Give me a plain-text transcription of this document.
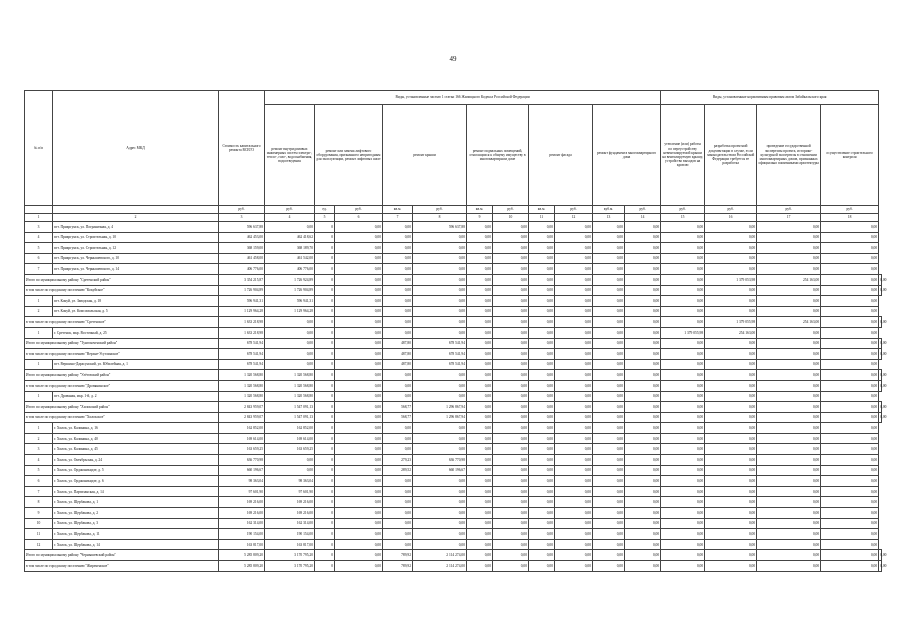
49
№ п/п	Адрес МКД	Стоимость капитального ремонта ВСЕГО	Виды, установленные частью 1 статьи 166 Жилищного Кодекса Российской Федерации											Виды, установленные нормативным правовым актом Забайкальского края				
			ремонт внутридомовых инженерных систем электро-, тепло-, газо-, водоснабжения, водоотведения	ремонт или замена лифтового оборудования, признанного непригодным для эксплуатации, ремонт лифтовых шахт		ремонт крыши		ремонт подвальных помещений, относящихся к общему имуществу в многоквартирном доме		ремонт фасада		ремонт фундамента многоквартирного дома		утепление (или) работы по переустройству невентилируемой крыши на вентилируемую крышу, устройство выходов на кровлю	разработка проектной документации в случае, если законодательством Российской Федерации требуется ее разработка	проведение государственной экспертизы проекта, историко-культурной экспертизы в отношении многоквартирных домов, признанных официально памятниками архитектуры	осуществление строительного контроля	
		руб.	руб.	ед.	руб.	кв.м.	руб.	кв.м.	руб.	кв.м.	руб.	куб.м.	руб.	руб.	руб.	руб.	руб.	
1	2	3	4	5	6	7	8	9	10	11	12	13	14	15	16	17	18	
3	пгт. Приаргунск, ул. Пограничная, д. 4	596 637,88	0,00	0	0,00	0,00	596 637,88	0,00	0,00	0,00	0,00	0,00	0,00	0,00	0,00	0,00	0,00	
4	пгт. Приаргунск, ул. Строительная, д. 10	462 453,00	462 418,62	0	0,00	0,00	0,00	0,00	0,00	0,00	0,00	0,00	0,00	0,00	0,00	0,00	0,00	
5	пгт. Приаргунск, ул. Строительная, д. 12	368 159,00	368 189,70	0	0,00	0,00	0,00	0,00	0,00	0,00	0,00	0,00	0,00	0,00	0,00	0,00	0,00	
6	пгт. Приаргунск, ул. Чернышевского, д. 10	461 458,00	461 542,00	0	0,00	0,00	0,00	0,00	0,00	0,00	0,00	0,00	0,00	0,00	0,00	0,00	0,00	
7	пгт. Приаргунск, ул. Чернышевского, д. 14	406 776,00	406 776,00	0	0,00	0,00	0,00	0,00	0,00	0,00	0,00	0,00	0,00	0,00	0,00	0,00	0,00	
Итого по муниципальному району "Сретенский район"		3 354 215,87	1 726 924,89	0	0,00	0,00	0,00	0,00	0,00	0,00	0,00	0,00	0,00	0,00	1 379 053,98	254 163,00	0,00	0,00
в том числе по городскому поселению "Кокуйское"		1 726 904,89	1 726 904,89	0	0,00	0,00	0,00	0,00	0,00	0,00	0,00	0,00	0,00	0,00	0,00	0,00	0,00	0,00
1	пгт. Кокуй, ул. Заводская, д. 18	596 941,31	596 941,31	0	0,00	0,00	0,00	0,00	0,00	0,00	0,00	0,00	0,00	0,00	0,00	0,00	0,00	
2	пгт. Кокуй, ул. Комсомольская, д. 5	1 129 964,28	1 129 964,28	0	0,00	0,00	0,00	0,00	0,00	0,00	0,00	0,00	0,00	0,00	0,00	0,00	0,00	
в том числе по городскому поселению "Сретенское"		1 633 218,98	0,00	0	0,00	0,00	0,00	0,00	0,00	0,00	0,00	0,00	0,00	0,00	1 379 055,98	254 163,00	0,00	0,00
1	г. Сретенск, мкр. Восточный, д. 25	1 633 218,98	0,00	0	0,00	0,00	0,00	0,00	0,00	0,00	0,00	0,00	0,00	1 379 055,98	254 163,00	0,00	0,00	
Итого по муниципальному району "Тунгокоченский район"		678 541,94	0,00	0	0,00	487,80	678 541,94	0,00	0,00	0,00	0,00	0,00	0,00	0,00	0,00	0,00	0,00	0,00
в том числе по городскому поселению "Верхне-Усуглинское"		678 541,94	0,00	0	0,00	487,80	678 541,94	0,00	0,00	0,00	0,00	0,00	0,00	0,00	0,00	0,00	0,00	0,00
1	пгт. Вершино-Дарасунский, ул. Юбилейная, д. 1	678 541,94	0,00	0	0,00	487,80	678 541,94	0,00	0,00	0,00	0,00	0,00	0,00	0,00	0,00	0,00	0,00	
Итого по муниципальному району "Улётовский район"		1 320 568,80	1 320 568,80	0	0,00	0,00	0,00	0,00	0,00	0,00	0,00	0,00	0,00	0,00	0,00	0,00	0,00	0,00
в том числе по городскому поселению "Дровянинское"		1 320 568,80	1 320 568,80	0	0,00	0,00	0,00	0,00	0,00	0,00	0,00	0,00	0,00	0,00	0,00	0,00	0,00	0,00
1	пгт. Дровяная, мкр. 1-й, д. 2	1 320 568,80	1 320 568,80	0	0,00	0,00	0,00	0,00	0,00	0,00	0,00	0,00	0,00	0,00	0,00	0,00	0,00	
Итого по муниципальному району "Хилокский район"		2 843 959,07	1 547 091,13	0	0,00	568,77	1 296 867,94	0,00	0,00	0,00	0,00	0,00	0,00	0,00	0,00	0,00	0,00	0,00
в том числе по городскому поселению "Хилокское"		2 843 959,07	1 547 091,13	0	0,00	568,77	1 296 867,94	0,00	0,00	0,00	0,00	0,00	0,00	0,00	0,00	0,00	0,00	0,00
1	г. Хилок, ул. Калинина, д. 16	162 852,00	162 852,00	0	0,00	0,00	0,00	0,00	0,00	0,00	0,00	0,00	0,00	0,00	0,00	0,00	0,00	
2	г. Хилок, ул. Калинина, д. 40	169 614,00	169 614,00	0	0,00	0,00	0,00	0,00	0,00	0,00	0,00	0,00	0,00	0,00	0,00	0,00	0,00	
3	г. Хилок, ул. Калинина, д. 45	163 659,25	163 659,25	0	0,00	0,00	0,00	0,00	0,00	0,00	0,00	0,00	0,00	0,00	0,00	0,00	0,00	
4	г. Хилок, ул. Октябрьская, д. 24	636 770,98	0,00	0	0,00	279,23	636 770,98	0,00	0,00	0,00	0,00	0,00	0,00	0,00	0,00	0,00	0,00	
5	г. Хилок, ул. Орджоникидзе, д. 5	660 196,67	0,00	0	0,00	289,52	660 196,67	0,00	0,00	0,00	0,00	0,00	0,00	0,00	0,00	0,00	0,00	
6	г. Хилок, ул. Орджоникидзе, д. 6	98 363,04	98 363,04	0	0,00	0,00	0,00	0,00	0,00	0,00	0,00	0,00	0,00	0,00	0,00	0,00	0,00	
7	г. Хилок, ул. Партизанская, д. 14	97 601,90	97 601,90	0	0,00	0,00	0,00	0,00	0,00	0,00	0,00	0,00	0,00	0,00	0,00	0,00	0,00	
8	г. Хилок, ул. Щербакова, д. 1	169 216,00	169 216,00	0	0,00	0,00	0,00	0,00	0,00	0,00	0,00	0,00	0,00	0,00	0,00	0,00	0,00	
9	г. Хилок, ул. Щербакова, д. 2	169 216,00	169 216,00	0	0,00	0,00	0,00	0,00	0,00	0,00	0,00	0,00	0,00	0,00	0,00	0,00	0,00	
10	г. Хилок, ул. Щербакова, д. 3	162 314,00	162 314,00	0	0,00	0,00	0,00	0,00	0,00	0,00	0,00	0,00	0,00	0,00	0,00	0,00	0,00	
11	г. Хилок, ул. Щербакова, д. 11	190 154,00	190 154,00	0	0,00	0,00	0,00	0,00	0,00	0,00	0,00	0,00	0,00	0,00	0,00	0,00	0,00	
12	г. Хилок, ул. Щербакова, д. 14	163 817,00	163 817,00	0	0,00	0,00	0,00	0,00	0,00	0,00	0,00	0,00	0,00	0,00	0,00	0,00	0,00	
Итого по муниципальному району "Чернышевский район"		5 285 809,20	3 170 795,20	0	0,00	789,92	2 114 274,00	0,00	0,00	0,00	0,00	0,00	0,00	0,00	0,00	0,00	0,00	0,00
в том числе по городскому поселению "Жирекенское"		5 285 809,20	3 170 795,20	0	0,00	789,92	2 114 274,00	0,00	0,00	0,00	0,00	0,00	0,00	0,00	0,00	0,00	0,00	0,00
